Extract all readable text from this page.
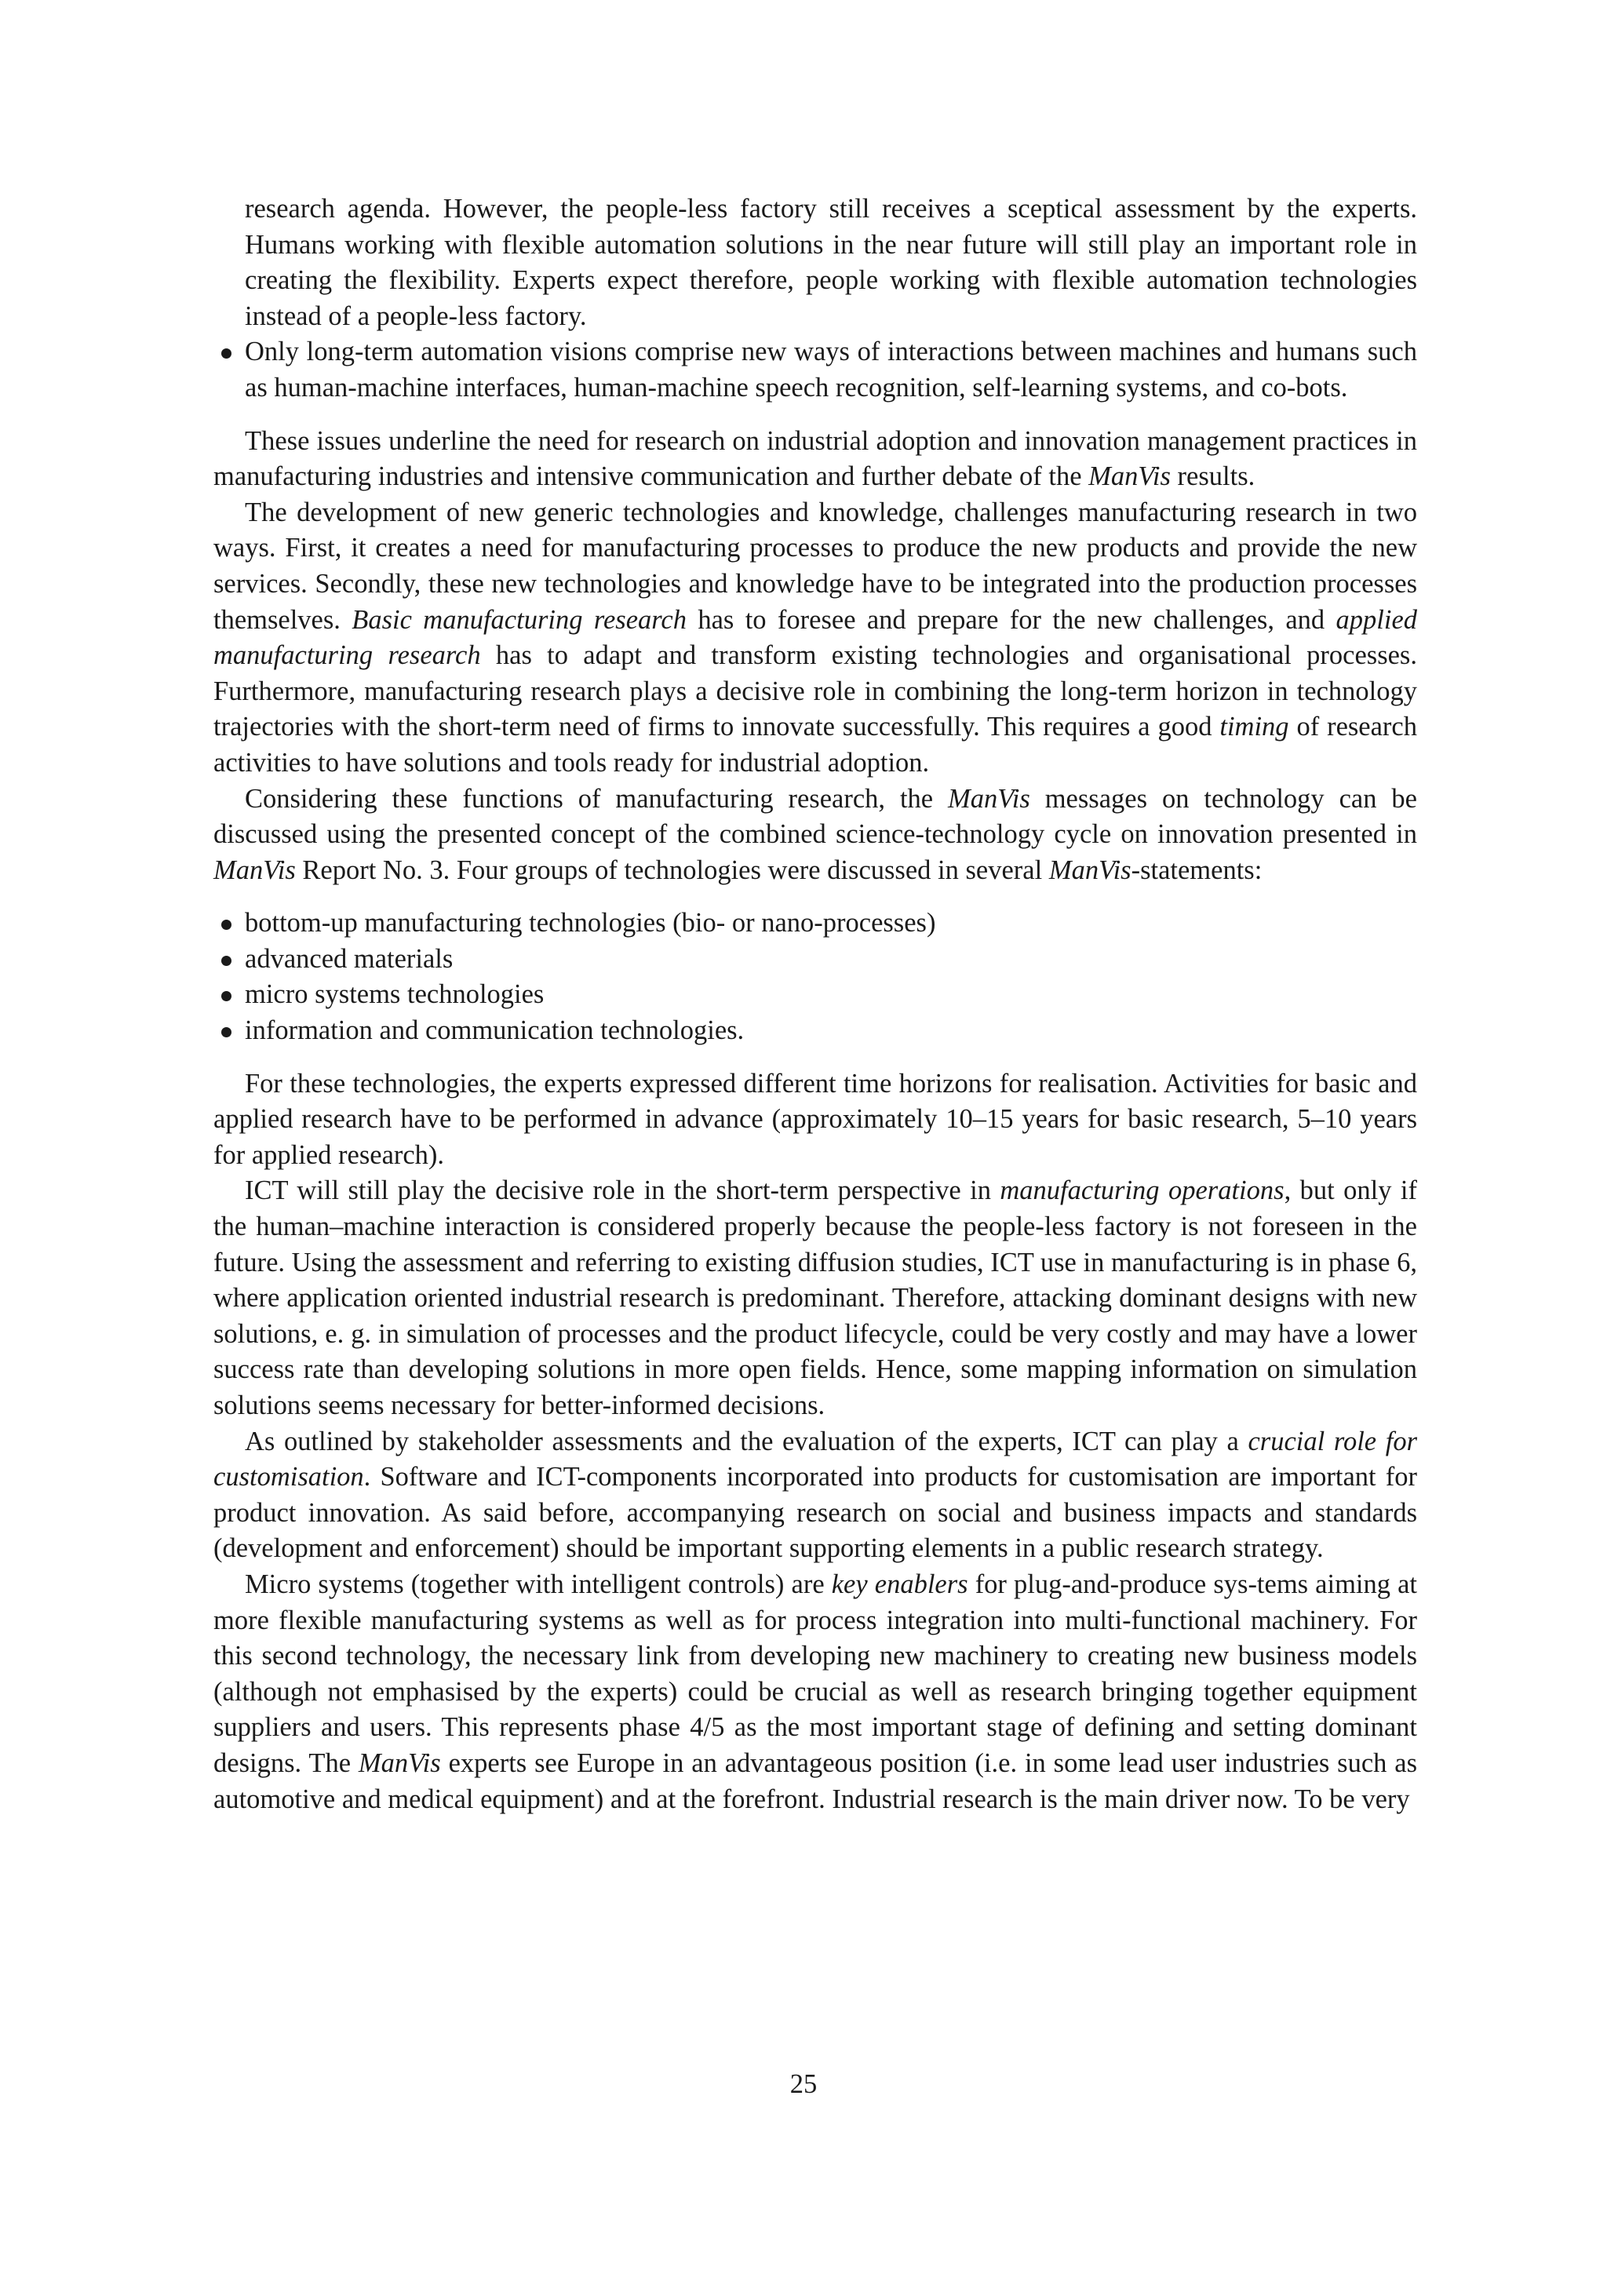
research agenda. However, the people-less factory still receives a sceptical assessment by the experts. Humans working with flexible automation solutions in the near future will still play an important role in creating the flexibility. Experts expect therefore, people working with flexible automation technologies instead of a people-less factory.
Only long-term automation visions comprise new ways of interactions between machines and humans such as human-machine interfaces, human-machine speech recognition, self-learning systems, and co-bots.

These issues underline the need for research on industrial adoption and innovation management practices in manufacturing industries and intensive communication and further debate of the ManVis results.

The development of new generic technologies and knowledge, challenges manufacturing research in two ways. First, it creates a need for manufacturing processes to produce the new products and provide the new services. Secondly, these new technologies and knowledge have to be integrated into the production processes themselves. Basic manufacturing research has to foresee and prepare for the new challenges, and applied manufacturing research has to adapt and transform existing technologies and organisational processes. Furthermore, manufacturing research plays a decisive role in combining the long-term horizon in technology trajectories with the short-term need of firms to innovate successfully. This requires a good timing of research activities to have solutions and tools ready for industrial adoption.

Considering these functions of manufacturing research, the ManVis messages on technology can be discussed using the presented concept of the combined science-technology cycle on innovation presented in ManVis Report No. 3. Four groups of technologies were discussed in several ManVis-statements:

bottom-up manufacturing technologies (bio- or nano-processes)
advanced materials
micro systems technologies
information and communication technologies.

For these technologies, the experts expressed different time horizons for realisation. Activities for basic and applied research have to be performed in advance (approximately 10–15 years for basic research, 5–10 years for applied research).

ICT will still play the decisive role in the short-term perspective in manufacturing operations, but only if the human–machine interaction is considered properly because the people-less factory is not foreseen in the future. Using the assessment and referring to existing diffusion studies, ICT use in manufacturing is in phase 6, where application oriented industrial research is predominant. Therefore, attacking dominant designs with new solutions, e. g. in simulation of processes and the product lifecycle, could be very costly and may have a lower success rate than developing solutions in more open fields. Hence, some mapping information on simulation solutions seems necessary for better-informed decisions.

As outlined by stakeholder assessments and the evaluation of the experts, ICT can play a crucial role for customisation. Software and ICT-components incorporated into products for customisation are important for product innovation. As said before, accompanying research on social and business impacts and standards (development and enforcement) should be important supporting elements in a public research strategy.

Micro systems (together with intelligent controls) are key enablers for plug-and-produce sys-tems aiming at more flexible manufacturing systems as well as for process integration into multi-functional machinery. For this second technology, the necessary link from developing new machinery to creating new business models (although not emphasised by the experts) could be crucial as well as research bringing together equipment suppliers and users. This represents phase 4/5 as the most important stage of defining and setting dominant designs. The ManVis experts see Europe in an advantageous position (i.e. in some lead user industries such as automotive and medical equipment) and at the forefront. Industrial research is the main driver now. To be very

25
